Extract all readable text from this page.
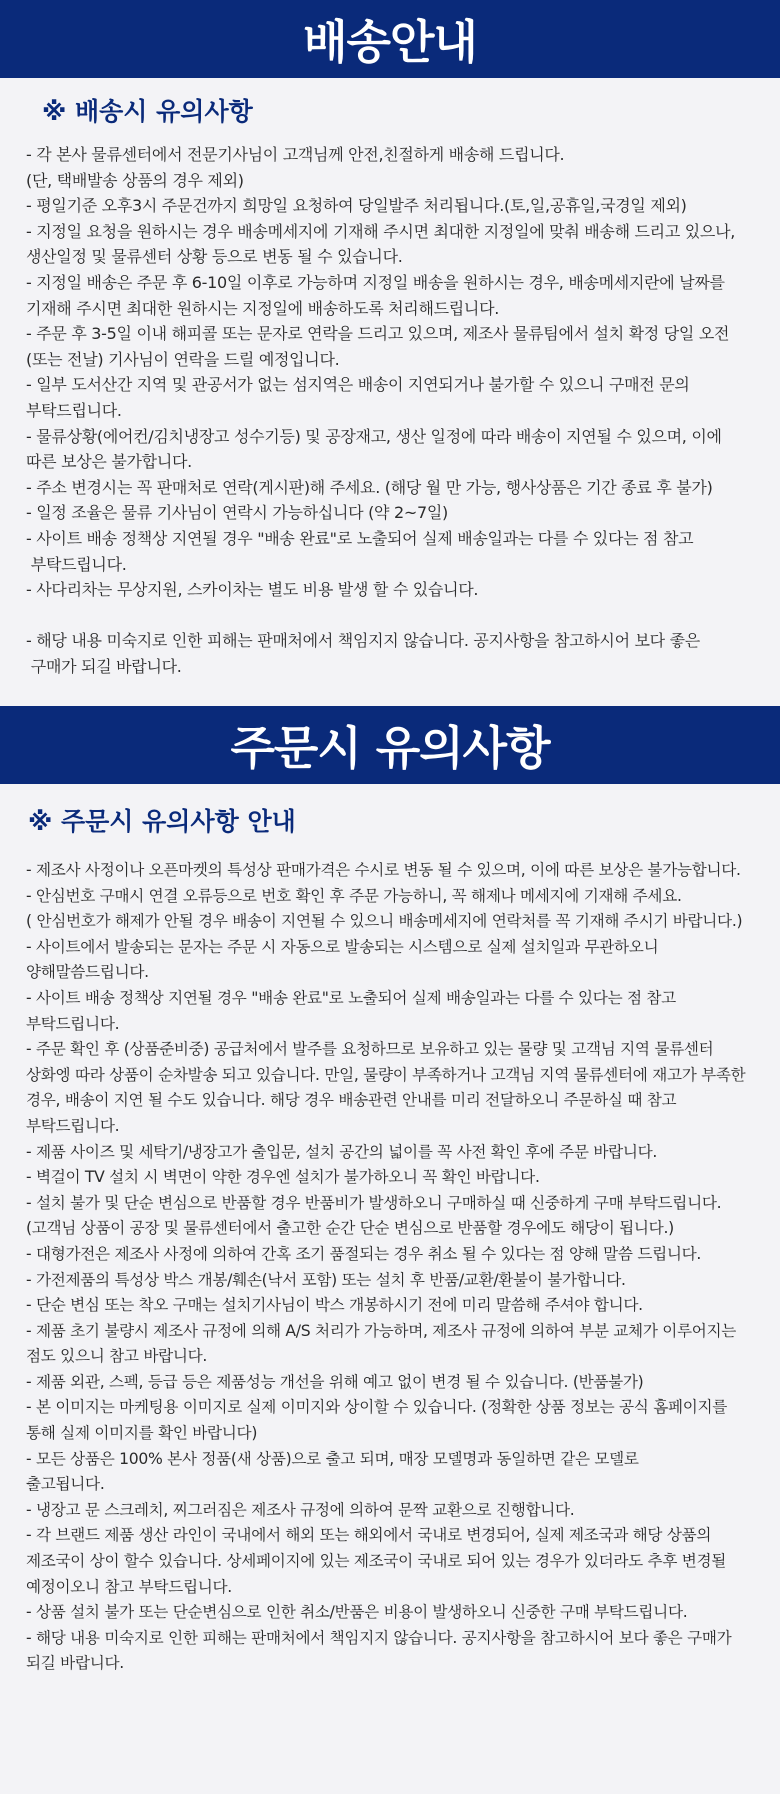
배송안내
※ 배송시 유의사항
- 각 본사 물류센터에서 전문기사님이 고객님께 안전,친절하게 배송해 드립니다.
(단, 택배발송 상품의 경우 제외)
- 평일기준 오후3시 주문건까지 희망일 요청하여 당일발주 처리됩니다.(토,일,공휴일,국경일 제외)
- 지정일 요청을 원하시는 경우 배송메세지에 기재해 주시면 최대한 지정일에 맞춰 배송해 드리고 있으나, 생산일정 및 물류센터 상황 등으로 변동 될 수 있습니다.
- 지정일 배송은 주문 후 6-10일 이후로 가능하며 지정일 배송을 원하시는 경우, 배송메세지란에 날짜를 기재해 주시면 최대한 원하시는 지정일에 배송하도록 처리해드립니다.
- 주문 후 3-5일 이내 해피콜 또는 문자로 연락을 드리고 있으며, 제조사 물류팀에서 설치 확정 당일 오전(또는 전날) 기사님이 연락을 드릴 예정입니다.
- 일부 도서산간 지역 및 관공서가 없는 섬지역은 배송이 지연되거나 불가할 수 있으니 구매전 문의 부탁드립니다.
- 물류상황(에어컨/김치냉장고 성수기등) 및 공장재고, 생산 일정에 따라 배송이 지연될 수 있으며, 이에 따른 보상은 불가합니다.
- 주소 변경시는 꼭 판매처로 연락(게시판)해 주세요. (해당 월 만 가능, 행사상품은 기간 종료 후 불가)
- 일정 조율은 물류 기사님이 연락시 가능하십니다 (약 2~7일)
- 사이트 배송 정책상 지연될 경우 "배송 완료"로 노출되어 실제 배송일과는 다를 수 있다는 점 참고
부탁드립니다.
- 사다리차는 무상지원, 스카이차는 별도 비용 발생 할 수 있습니다.
- 해당 내용 미숙지로 인한 피해는 판매처에서 책임지지 않습니다. 공지사항을 참고하시어 보다 좋은
구매가 되길 바랍니다.
주문시 유의사항
※ 주문시 유의사항 안내
- 제조사 사정이나 오픈마켓의 특성상 판매가격은 수시로 변동 될 수 있으며, 이에 따른 보상은 불가능합니다.
- 안심번호 구매시 연결 오류등으로 번호 확인 후 주문 가능하니, 꼭 해제나 메세지에 기재해 주세요.
( 안심번호가 해제가 안될 경우 배송이 지연될 수 있으니 배송메세지에 연락처를 꼭 기재해 주시기 바랍니다.)
- 사이트에서 발송되는 문자는 주문 시 자동으로 발송되는 시스템으로 실제 설치일과 무관하오니 양해말씀드립니다.
- 사이트 배송 정책상 지연될 경우 "배송 완료"로 노출되어 실제 배송일과는 다를 수 있다는 점 참고 부탁드립니다.
- 주문 확인 후 (상품준비중) 공급처에서 발주를 요청하므로 보유하고 있는 물량 및 고객님 지역 물류센터 상화엥 따라 상품이 순차발송 되고 있습니다. 만일, 물량이 부족하거나 고객님 지역 물류센터에 재고가 부족한 경우, 배송이 지연 될 수도 있습니다. 해당 경우 배송관련 안내를 미리 전달하오니 주문하실 때 참고 부탁드립니다.
- 제품 사이즈 및 세탁기/냉장고가 출입문, 설치 공간의 넓이를 꼭 사전 확인 후에 주문 바랍니다.
- 벽걸이 TV 설치 시 벽면이 약한 경우엔 설치가 불가하오니 꼭 확인 바랍니다.
- 설치 불가 및 단순 변심으로 반품할 경우 반품비가 발생하오니 구매하실 때 신중하게 구매 부탁드립니다. (고객님 상품이 공장 및 물류센터에서 출고한 순간 단순 변심으로 반품할 경우에도 해당이 됩니다.)
- 대형가전은 제조사 사정에 의하여 간혹 조기 품절되는 경우 취소 될 수 있다는 점 양해 말씀 드립니다.
- 가전제품의 특성상 박스 개봉/훼손(낙서 포함) 또는 설치 후 반품/교환/환불이 불가합니다.
- 단순 변심 또는 착오 구매는 설치기사님이 박스 개봉하시기 전에 미리 말씀해 주셔야 합니다.
- 제품 초기 불량시 제조사 규정에 의해 A/S 처리가 가능하며, 제조사 규정에 의하여 부분 교체가 이루어지는 점도 있으니 참고 바랍니다.
- 제품 외관, 스펙, 등급 등은 제품성능 개선을 위해 예고 없이 변경 될 수 있습니다. (반품불가)
- 본 이미지는 마케팅용 이미지로 실제 이미지와 상이할 수 있습니다. (정확한 상품 정보는 공식 홈페이지를 통해 실제 이미지를 확인 바랍니다)
- 모든 상품은 100% 본사 정품(새 상품)으로 출고 되며, 매장 모델명과 동일하면 같은 모델로
출고됩니다.
- 냉장고 문 스크레치, 찌그러짐은 제조사 규정에 의하여 문짝 교환으로 진행합니다.
- 각 브랜드 제품 생산 라인이 국내에서 해외 또는 해외에서 국내로 변경되어, 실제 제조국과 해당 상품의 제조국이 상이 할수 있습니다. 상세페이지에 있는 제조국이 국내로 되어 있는 경우가 있더라도 추후 변경될 예정이오니 참고 부탁드립니다.
- 상품 설치 불가 또는 단순변심으로 인한 취소/반품은 비용이 발생하오니 신중한 구매 부탁드립니다.
- 해당 내용 미숙지로 인한 피해는 판매처에서 책임지지 않습니다. 공지사항을 참고하시어 보다 좋은 구매가 되길 바랍니다.
